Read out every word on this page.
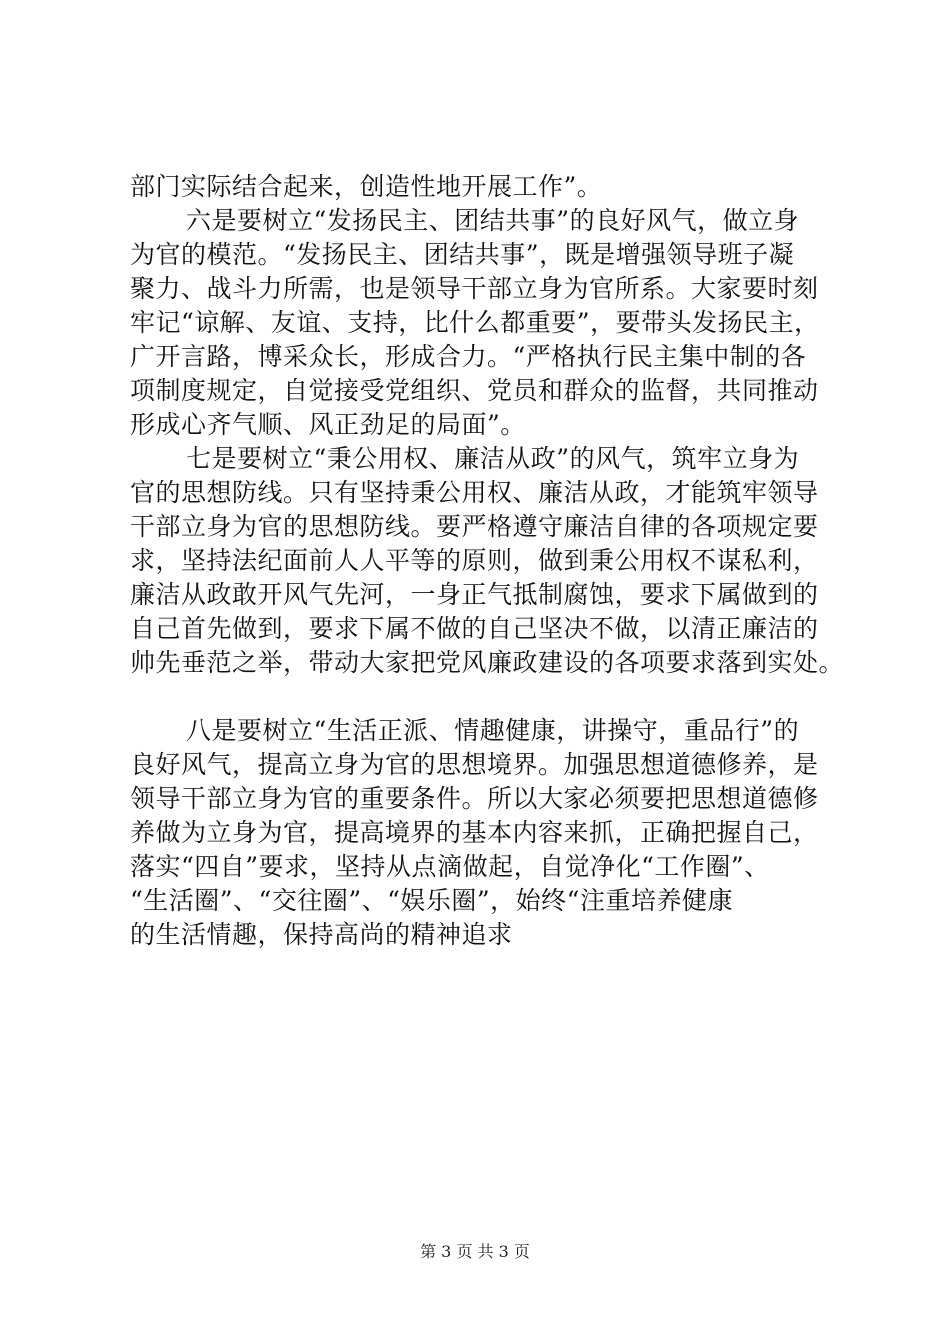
部门实际结合起来，创造性地开展工作”。
六是要树立“发扬民主、团结共事”的良好风气，做立身
为官的模范。“发扬民主、团结共事”，既是增强领导班子凝
聚力、战斗力所需，也是领导干部立身为官所系。大家要时刻
牢记“谅解、友谊、支持，比什么都重要”，要带头发扬民主，
广开言路，博采众长，形成合力。“严格执行民主集中制的各
项制度规定，自觉接受党组织、党员和群众的监督，共同推动
形成心齐气顺、风正劲足的局面”。
七是要树立“秉公用权、廉洁从政”的风气，筑牢立身为
官的思想防线。只有坚持秉公用权、廉洁从政，才能筑牢领导
干部立身为官的思想防线。要严格遵守廉洁自律的各项规定要
求，坚持法纪面前人人平等的原则，做到秉公用权不谋私利，
廉洁从政敢开风气先河，一身正气抵制腐蚀，要求下属做到的
自己首先做到，要求下属不做的自己坚决不做，以清正廉洁的
帅先垂范之举，带动大家把党风廉政建设的各项要求落到实处。
八是要树立“生活正派、情趣健康，讲操守，重品行”的
良好风气，提高立身为官的思想境界。加强思想道德修养，是
领导干部立身为官的重要条件。所以大家必须要把思想道德修
养做为立身为官，提高境界的基本内容来抓，正确把握自己，
落实“四自”要求，坚持从点滴做起，自觉净化“工作圈”、
“生活圈”、“交往圈”、“娱乐圈”，始终“注重培养健康
的生活情趣，保持高尚的精神追求
第 3 页 共 3 页
